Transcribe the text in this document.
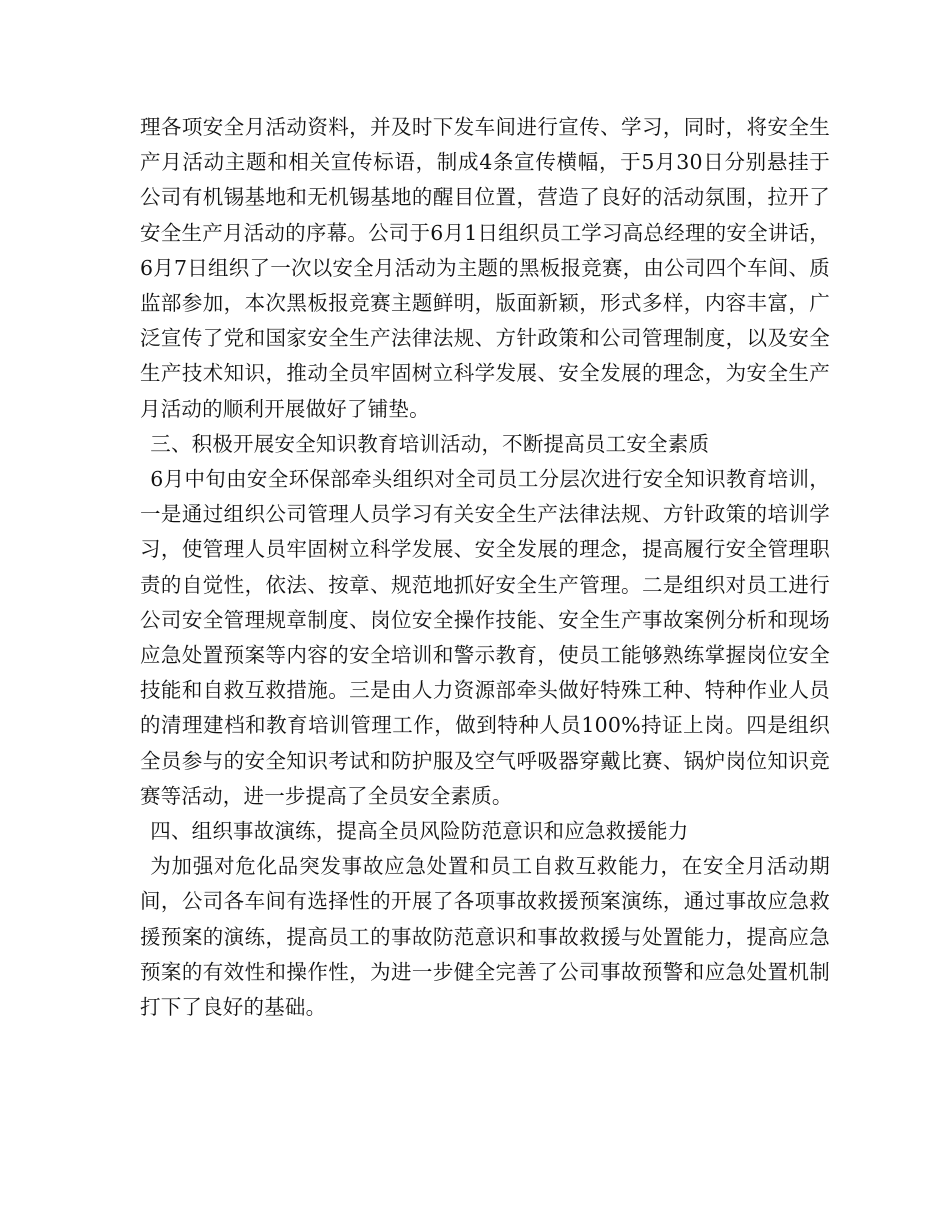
理各项安全月活动资料，并及时下发车间进行宣传、学习，同时，将安全生产月活动主题和相关宣传标语，制成4条宣传横幅，于5月30日分别悬挂于公司有机锡基地和无机锡基地的醒目位置，营造了良好的活动氛围，拉开了安全生产月活动的序幕。公司于6月1日组织员工学习高总经理的安全讲话，6月7日组织了一次以安全月活动为主题的黑板报竞赛，由公司四个车间、质监部参加，本次黑板报竞赛主题鲜明，版面新颖，形式多样，内容丰富，广泛宣传了党和国家安全生产法律法规、方针政策和公司管理制度，以及安全生产技术知识，推动全员牢固树立科学发展、安全发展的理念，为安全生产月活动的顺利开展做好了铺垫。

三、积极开展安全知识教育培训活动，不断提高员工安全素质

6月中旬由安全环保部牵头组织对全司员工分层次进行安全知识教育培训，一是通过组织公司管理人员学习有关安全生产法律法规、方针政策的培训学习，使管理人员牢固树立科学发展、安全发展的理念，提高履行安全管理职责的自觉性，依法、按章、规范地抓好安全生产管理。二是组织对员工进行公司安全管理规章制度、岗位安全操作技能、安全生产事故案例分析和现场应急处置预案等内容的安全培训和警示教育，使员工能够熟练掌握岗位安全技能和自救互救措施。三是由人力资源部牵头做好特殊工种、特种作业人员的清理建档和教育培训管理工作，做到特种人员100%持证上岗。四是组织全员参与的安全知识考试和防护服及空气呼吸器穿戴比赛、锅炉岗位知识竞赛等活动，进一步提高了全员安全素质。

四、组织事故演练，提高全员风险防范意识和应急救援能力

为加强对危化品突发事故应急处置和员工自救互救能力，在安全月活动期间，公司各车间有选择性的开展了各项事故救援预案演练，通过事故应急救援预案的演练，提高员工的事故防范意识和事故救援与处置能力，提高应急预案的有效性和操作性，为进一步健全完善了公司事故预警和应急处置机制打下了良好的基础。
